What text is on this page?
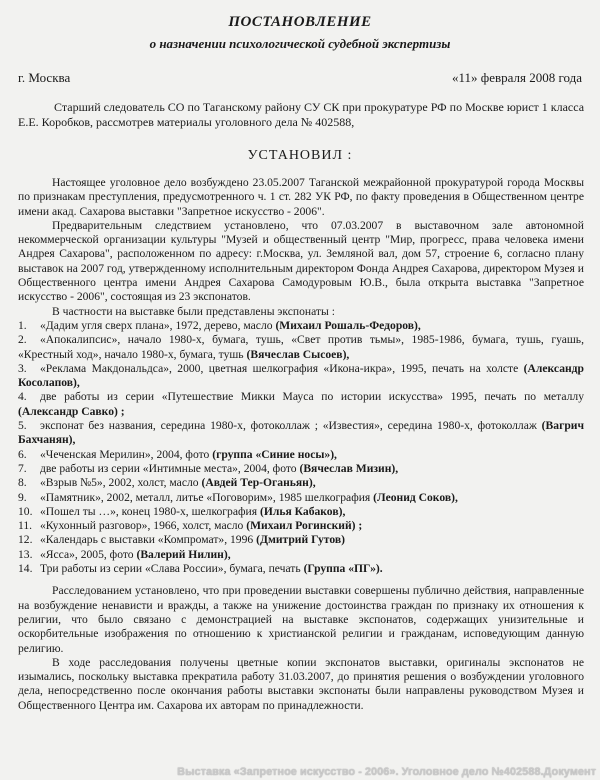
ПОСТАНОВЛЕНИЕ
о назначении психологической судебной экспертизы
г. Москва	«11» февраля 2008 года
Старший следователь СО по Таганскому району СУ СК при прокуратуре РФ по Москве юрист 1 класса
Е.Е. Коробков, рассмотрев материалы уголовного дела № 402588,
УСТАНОВИЛ :

Настоящее уголовное дело возбуждено 23.05.2007 Таганской межрайонной прокуратурой города Москвы по признакам преступления, предусмотренного ч. 1 ст. 282 УК РФ, по факту проведения в Общественном центре имени акад. Сахарова выставки "Запретное искусство - 2006".

Предварительным следствием установлено, что 07.03.2007 в выставочном зале автономной некоммерческой организации культуры "Музей и общественный центр "Мир, прогресс, права человека имени Андрея Сахарова", расположенном по адресу: г.Москва, ул. Земляной вал, дом 57, строение 6, согласно плану выставок на 2007 год, утвержденному исполнительным директором Фонда Андрея Сахарова, директором Музея и Общественного центра имени Андрея Сахарова Самодуровым Ю.В., была открыта выставка "Запретное искусство - 2006", состоящая из 23 экспонатов.

В частности на выставке были представлены экспонаты :

1. «Дадим угля сверх плана», 1972, дерево, масло (Михаил Рошаль-Федоров),
2. «Апокалипсис», начало 1980-х, бумага, тушь, «Свет против тьмы», 1985-1986, бумага, тушь, гуашь, «Крестный ход», начало 1980-х, бумага, тушь (Вячеслав Сысоев),
3. «Реклама Макдональдса», 2000, цветная шелкография «Икона-икра», 1995, печать на холсте (Александр Косолапов),
4. две работы из серии «Путешествие Микки Мауса по истории искусства» 1995, печать по металлу (Александр Савко) ;
5. экспонат без названия, середина 1980-х, фотоколлаж ; «Известия», середина 1980-х, фотоколлаж (Вагрич Бахчанян),
6. «Чеченская Мерилин», 2004, фото (группа «Синие носы»),
7. две работы из серии «Интимные места», 2004, фото (Вячеслав Мизин),
8. «Взрыв №5», 2002, холст, масло (Авдей Тер-Оганьян),
9. «Памятник», 2002, металл, литье «Поговорим», 1985 шелкография (Леонид Соков),
10. «Пошел ты …», конец 1980-х, шелкография (Илья Кабаков),
11. «Кухонный разговор», 1966, холст, масло (Михаил Рогинский) ;
12. «Календарь с выставки «Компромат», 1996 (Дмитрий Гутов)
13. «Ясса», 2005, фото (Валерий Нилин),
14. Три работы из серии «Слава России», бумага, печать (Группа «ПГ»).

Расследованием установлено, что при проведении выставки совершены публично действия, направленные на возбуждение ненависти и вражды, а также на унижение достоинства граждан по признаку их отношения к религии, что было связано с демонстрацией на выставке экспонатов, содержащих унизительные и оскорбительные изображения по отношению к христианской религии и гражданам, исповедующим данную религию.

В ходе расследования получены цветные копии экспонатов выставки, оригиналы экспонатов не изымались, поскольку выставка прекратила работу 31.03.2007, до принятия решения о возбуждении уголовного дела, непосредственно после окончания работы выставки экспонаты были направлены руководством Музея и Общественного Центра им. Сахарова их авторам по принадлежности.

Выставка «Запретное искусство - 2006». Уголовное дело №402588.Документ
